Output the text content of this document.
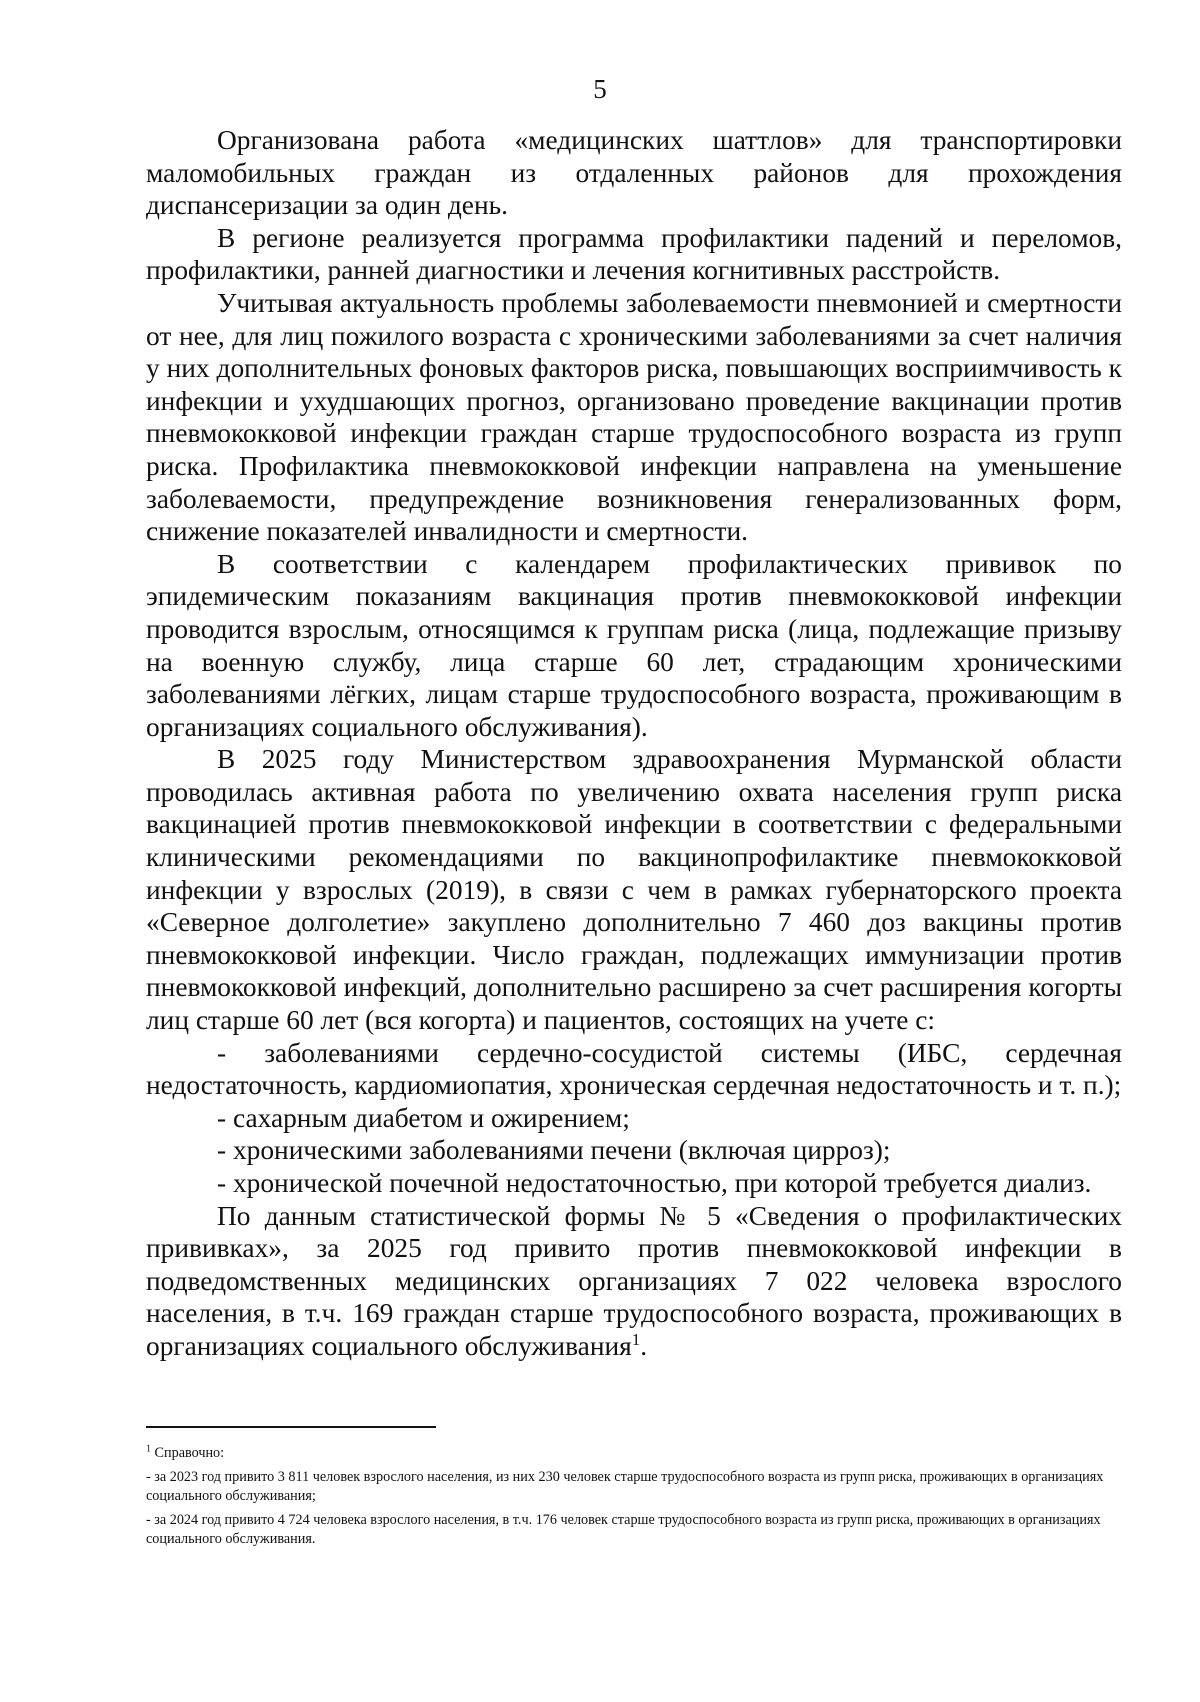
5

Организована работа «медицинских шаттлов» для транспортировки маломобильных граждан из отдаленных районов для прохождения диспансеризации за один день.

В регионе реализуется программа профилактики падений и переломов, профилактики, ранней диагностики и лечения когнитивных расстройств.

Учитывая актуальность проблемы заболеваемости пневмонией и смертности от нее, для лиц пожилого возраста с хроническими заболеваниями за счет наличия у них дополнительных фоновых факторов риска, повышающих восприимчивость к инфекции и ухудшающих прогноз, организовано проведение вакцинации против пневмококковой инфекции граждан старше трудоспособного возраста из групп риска. Профилактика пневмококковой инфекции направлена на уменьшение заболеваемости, предупреждение возникновения генерализованных форм, снижение показателей инвалидности и смертности.

В соответствии с календарем профилактических прививок по эпидемическим показаниям вакцинация против пневмококковой инфекции проводится взрослым, относящимся к группам риска (лица, подлежащие призыву на военную службу, лица старше 60 лет, страдающим хроническими заболеваниями лёгких, лицам старше трудоспособного возраста, проживающим в организациях социального обслуживания).

В 2025 году Министерством здравоохранения Мурманской области проводилась активная работа по увеличению охвата населения групп риска вакцинацией против пневмококковой инфекции в соответствии с федеральными клиническими рекомендациями по вакцинопрофилактике пневмококковой инфекции у взрослых (2019), в связи с чем в рамках губернаторского проекта «Северное долголетие» закуплено дополнительно 7 460 доз вакцины против пневмококковой инфекции. Число граждан, подлежащих иммунизации против пневмококковой инфекций, дополнительно расширено за счет расширения когорты лиц старше 60 лет (вся когорта) и пациентов, состоящих на учете с:

- заболеваниями сердечно-сосудистой системы (ИБС, сердечная недостаточность, кардиомиопатия, хроническая сердечная недостаточность и т. п.);

- сахарным диабетом и ожирением;

- хроническими заболеваниями печени (включая цирроз);

- хронической почечной недостаточностью, при которой требуется диализ.

По данным статистической формы № 5 «Сведения о профилактических прививках», за 2025 год привито против пневмококковой инфекции в подведомственных медицинских организациях 7 022 человека взрослого населения, в т.ч. 169 граждан старше трудоспособного возраста, проживающих в организациях социального обслуживания$^1$.

$^1$ Справочно:

- за 2023 год привито 3 811 человек взрослого населения, из них 230 человек старше трудоспособного возраста из групп риска, проживающих в организациях социального обслуживания;

- за 2024 год привито 4 724 человека взрослого населения, в т.ч. 176 человек старше трудоспособного возраста из групп риска, проживающих в организациях социального обслуживания.
